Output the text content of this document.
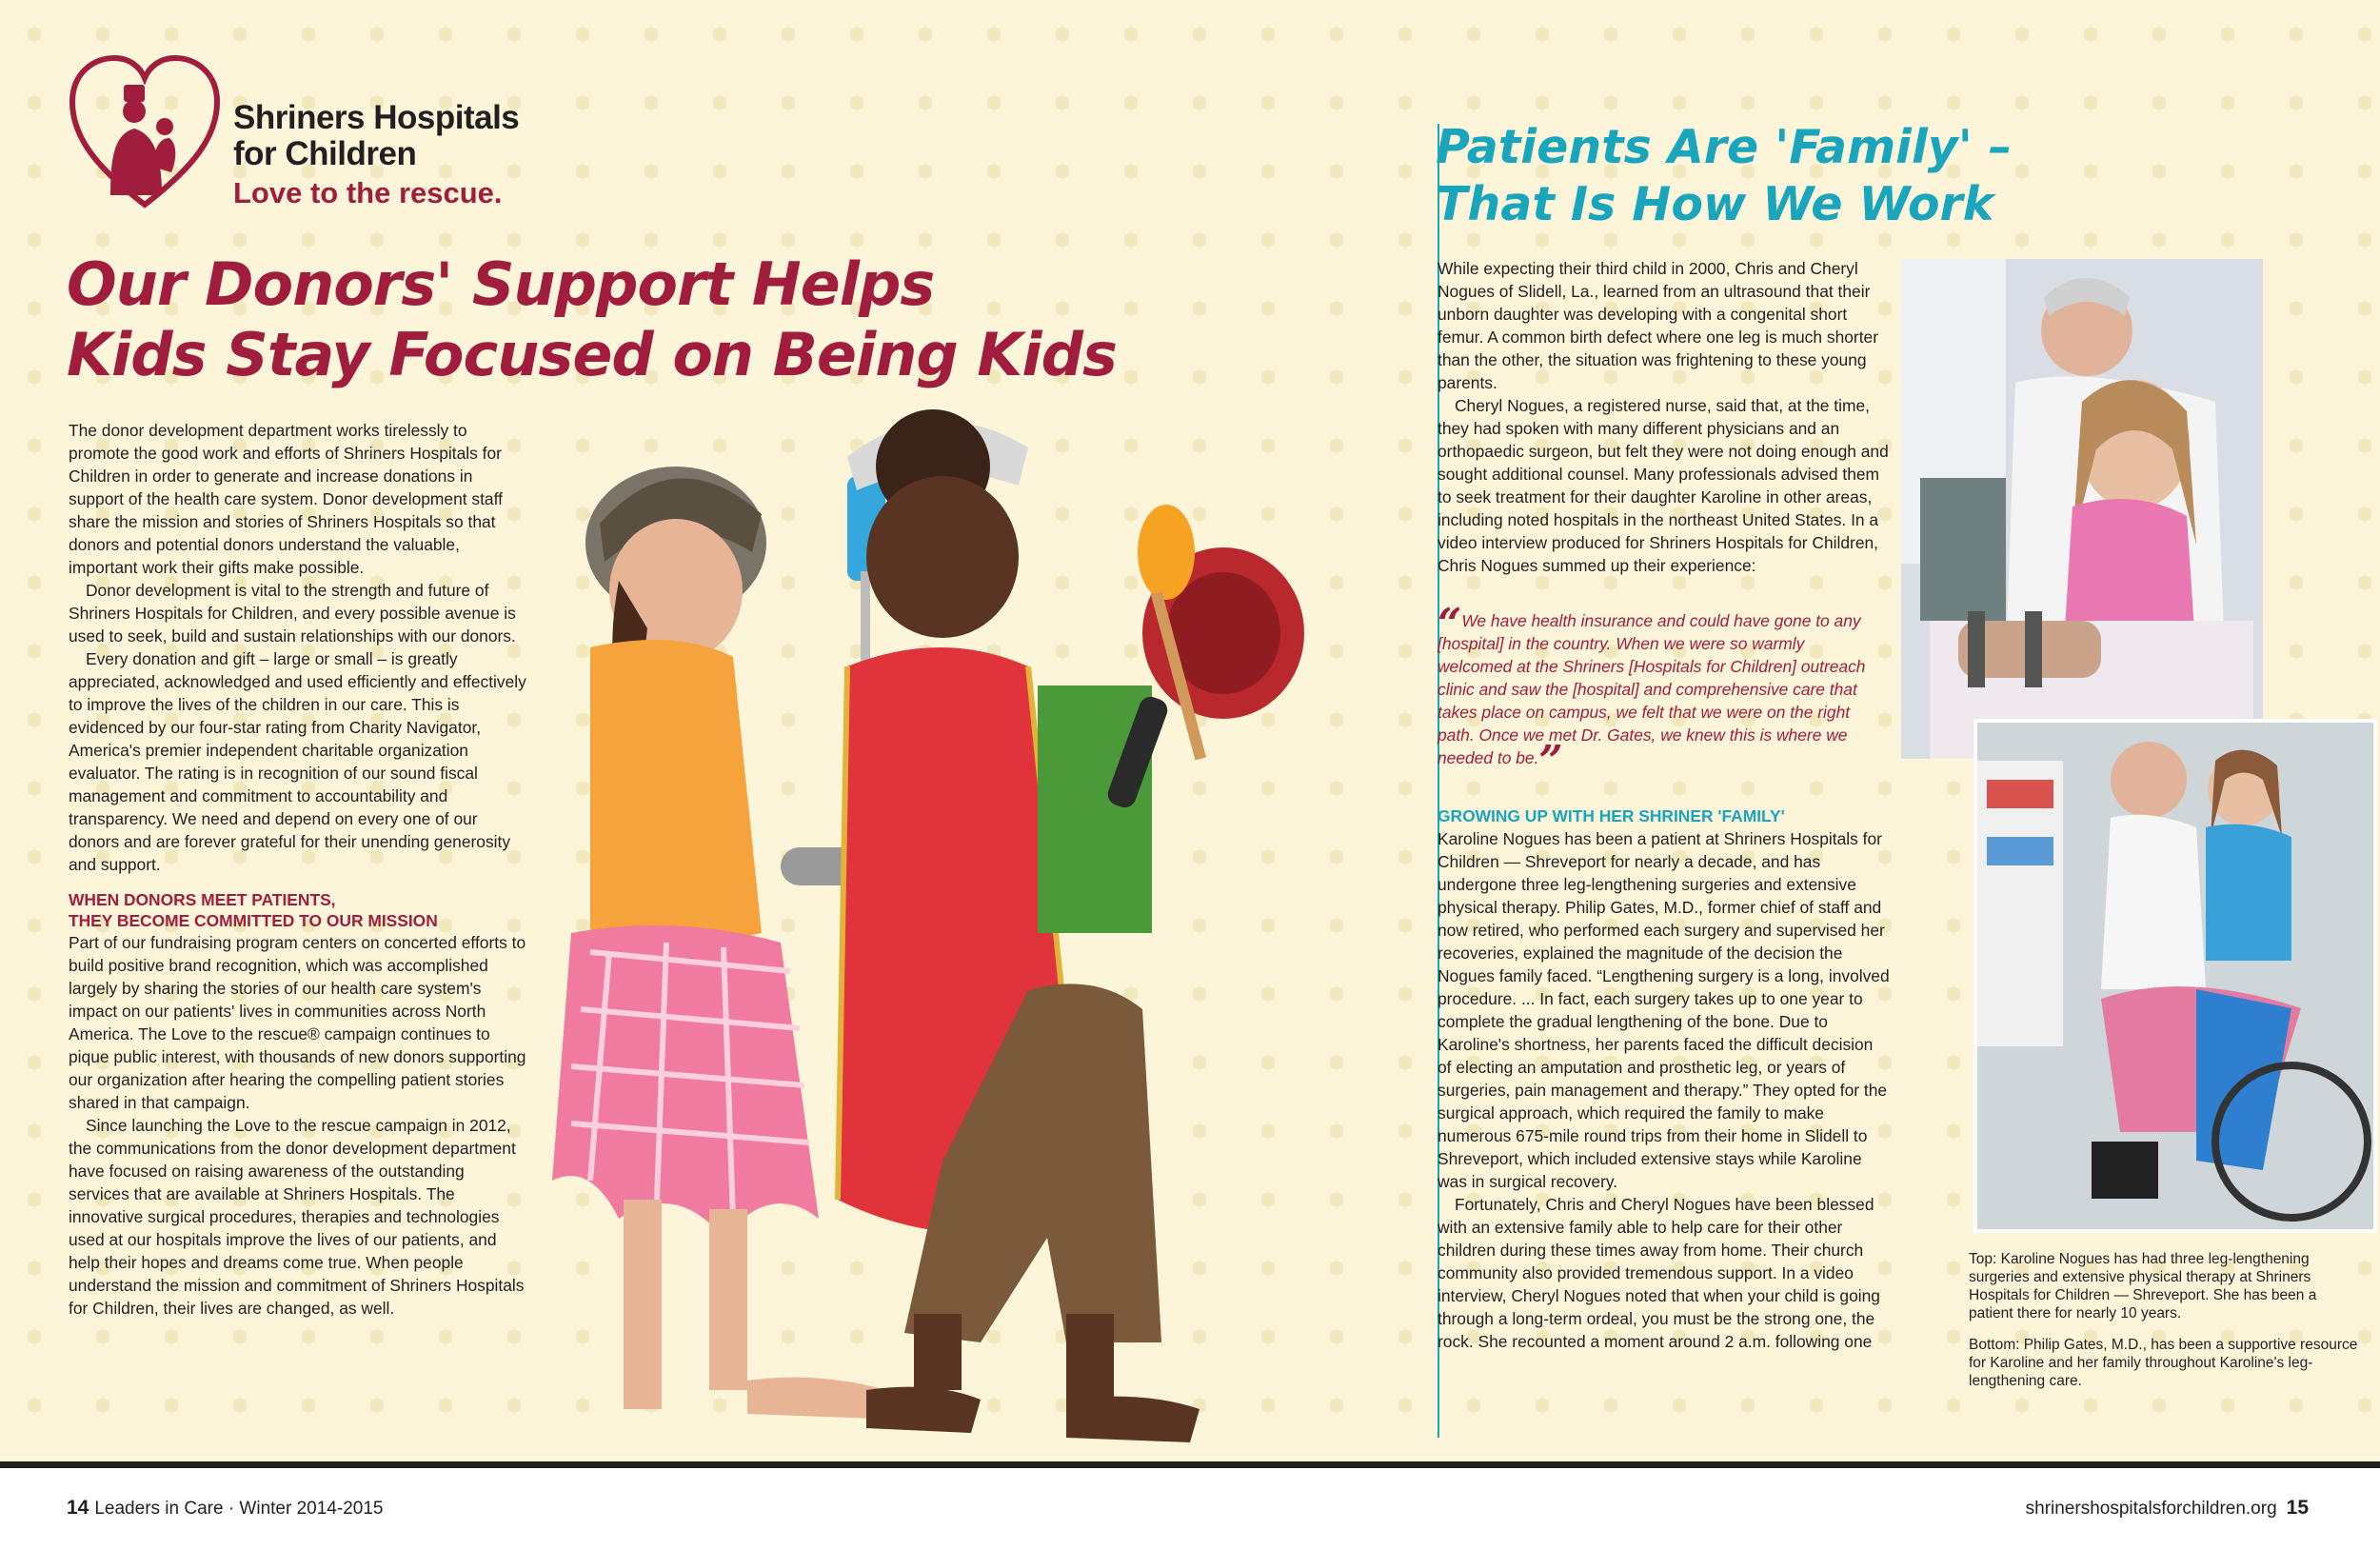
Shriners Hospitals
for Children
Love to the rescue.
Our Donors' Support Helps
Kids Stay Focused on Being Kids

The donor development department works tirelessly to promote the good work and efforts of Shriners Hospitals for Children in order to generate and increase donations in support of the health care system. Donor development staff share the mission and stories of Shriners Hospitals so that donors and potential donors understand the valuable, important work their gifts make possible.

Donor development is vital to the strength and future of Shriners Hospitals for Children, and every possible avenue is used to seek, build and sustain relationships with our donors.

Every donation and gift – large or small – is greatly appreciated, acknowledged and used efficiently and effectively to improve the lives of the children in our care. This is evidenced by our four-star rating from Charity Navigator, America's premier independent charitable organization evaluator. The rating is in recognition of our sound fiscal management and commitment to accountability and transparency. We need and depend on every one of our donors and are forever grateful for their unending generosity and support.

WHEN DONORS MEET PATIENTS,
THEY BECOME COMMITTED TO OUR MISSION

Part of our fundraising program centers on concerted efforts to build positive brand recognition, which was accomplished largely by sharing the stories of our health care system's impact on our patients' lives in communities across North America. The Love to the rescue® campaign continues to pique public interest, with thousands of new donors supporting our organization after hearing the compelling patient stories shared in that campaign.

Since launching the Love to the rescue campaign in 2012, the communications from the donor development department have focused on raising awareness of the outstanding services that are available at Shriners Hospitals. The innovative surgical procedures, therapies and technologies used at our hospitals improve the lives of our patients, and help their hopes and dreams come true. When people understand the mission and commitment of Shriners Hospitals for Children, their lives are changed, as well.

Patients Are 'Family' –
That Is How We Work

While expecting their third child in 2000, Chris and Cheryl Nogues of Slidell, La., learned from an ultrasound that their unborn daughter was developing with a congenital short femur. A common birth defect where one leg is much shorter than the other, the situation was frightening to these young parents.

Cheryl Nogues, a registered nurse, said that, at the time, they had spoken with many different physicians and an orthopaedic surgeon, but felt they were not doing enough and sought additional counsel. Many professionals advised them to seek treatment for their daughter Karoline in other areas, including noted hospitals in the northeast United States. In a video interview produced for Shriners Hospitals for Children, Chris Nogues summed up their experience:

“We have health insurance and could have gone to any [hospital] in the country. When we were so warmly welcomed at the Shriners [Hospitals for Children] outreach clinic and saw the [hospital] and comprehensive care that takes place on campus, we felt that we were on the right path. Once we met Dr. Gates, we knew this is where we needed to be.”
GROWING UP WITH HER SHRINER 'FAMILY'

Karoline Nogues has been a patient at Shriners Hospitals for Children — Shreveport for nearly a decade, and has undergone three leg-lengthening surgeries and extensive physical therapy. Philip Gates, M.D., former chief of staff and now retired, who performed each surgery and supervised her recoveries, explained the magnitude of the decision the Nogues family faced. “Lengthening surgery is a long, involved procedure. ... In fact, each surgery takes up to one year to complete the gradual lengthening of the bone. Due to Karoline's shortness, her parents faced the difficult decision of electing an amputation and prosthetic leg, or years of surgeries, pain management and therapy.” They opted for the surgical approach, which required the family to make numerous 675-mile round trips from their home in Slidell to Shreveport, which included extensive stays while Karoline was in surgical recovery.

Fortunately, Chris and Cheryl Nogues have been blessed with an extensive family able to help care for their other children during these times away from home. Their church community also provided tremendous support. In a video interview, Cheryl Nogues noted that when your child is going through a long-term ordeal, you must be the strong one, the rock. She recounted a moment around 2 a.m. following one

Top: Karoline Nogues has had three leg-lengthening surgeries and extensive physical therapy at Shriners Hospitals for Children — Shreveport. She has been a patient there for nearly 10 years.

Bottom: Philip Gates, M.D., has been a supportive resource for Karoline and her family throughout Karoline's leg-lengthening care.

14 Leaders in Care · Winter 2014-2015	shrinershospitalsforchildren.org 15
